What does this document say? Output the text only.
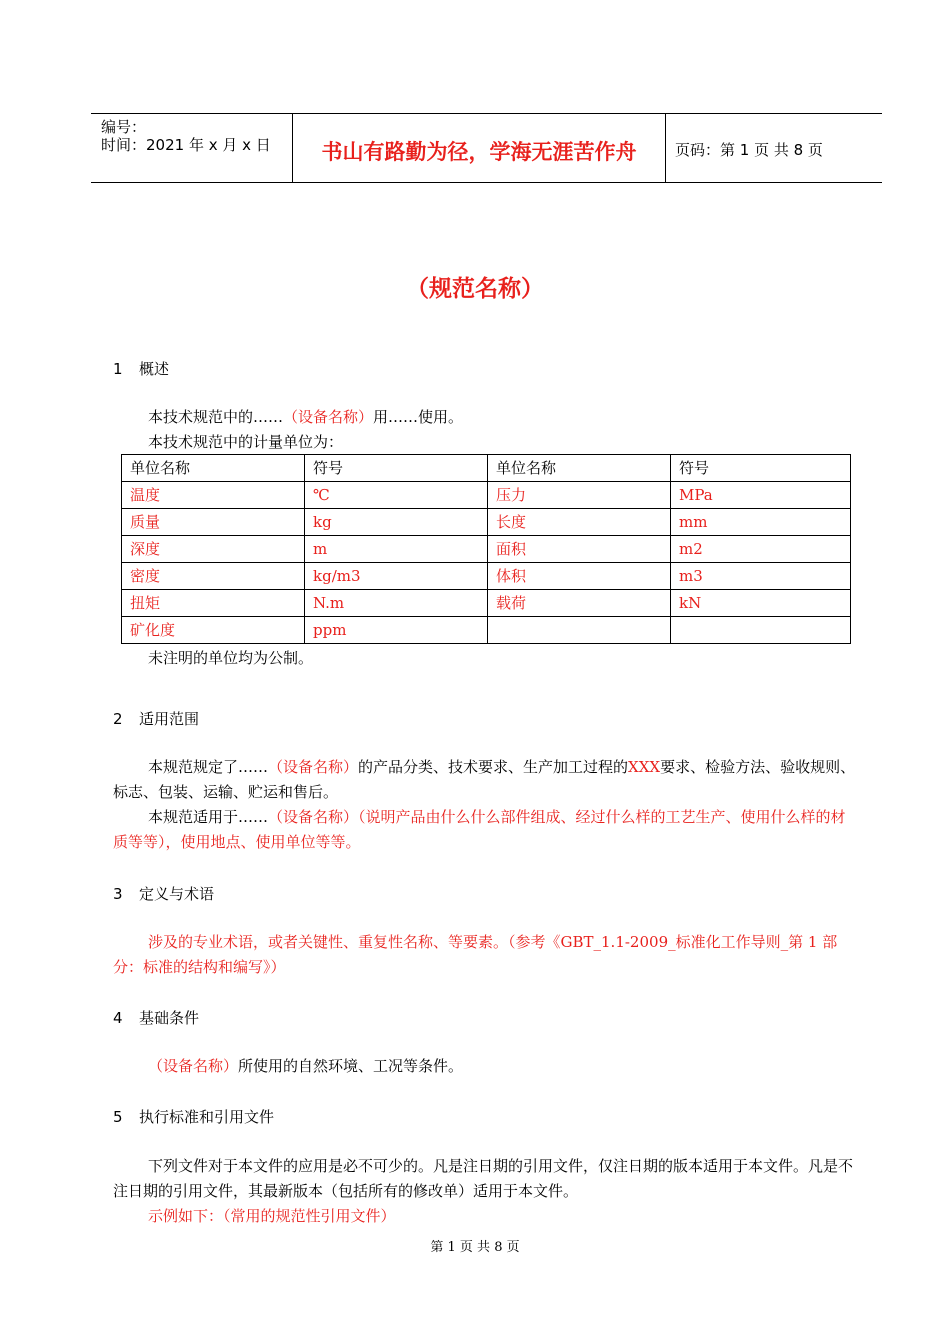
编号：
时间：2021 年 x 月 x 日	书山有路勤为径，学海无涯苦作舟	页码：第 1 页 共 8 页
（规范名称）
1 概述
本技术规范中的……（设备名称）用……使用。
本技术规范中的计量单位为：
单位名称	符号	单位名称	符号
温度	℃	压力	MPa
质量	kg	长度	mm
深度	m	面积	m2
密度	kg/m3	体积	m3
扭矩	N.m	载荷	kN
矿化度	ppm		
未注明的单位均为公制。
2 适用范围
本规范规定了……（设备名称）的产品分类、技术要求、生产加工过程的XXX要求、检验方法、验收规则、标志、包装、运输、贮运和售后。
本规范适用于……（设备名称）（说明产品由什么什么部件组成、经过什么样的工艺生产、使用什么样的材质等等），使用地点、使用单位等等。
3 定义与术语
涉及的专业术语，或者关键性、重复性名称、等要素。（参考《GBT_1.1-2009_标准化工作导则_第 1 部分：标准的结构和编写》）
4 基础条件
（设备名称）所使用的自然环境、工况等条件。
5 执行标准和引用文件
下列文件对于本文件的应用是必不可少的。凡是注日期的引用文件，仅注日期的版本适用于本文件。凡是不注日期的引用文件，其最新版本（包括所有的修改单）适用于本文件。
示例如下：（常用的规范性引用文件）
第 1 页 共 8 页
